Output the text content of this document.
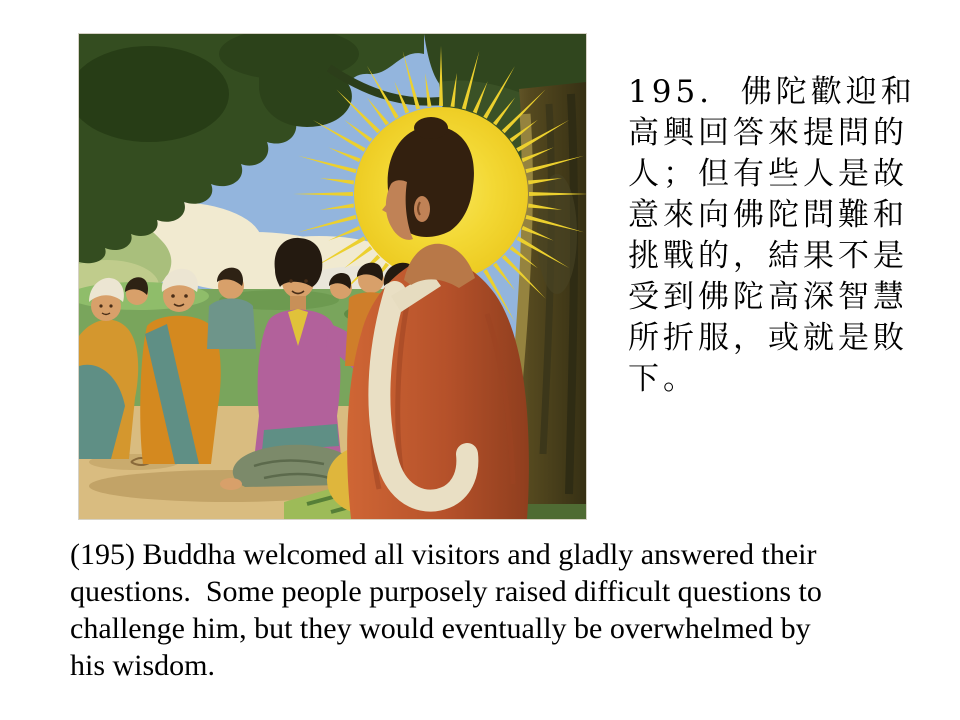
195.  佛陀歡迎和
高興回答來提問的
人；但有些人是故
意來向佛陀問難和
挑戰的，結果不是
受到佛陀高深智慧
所折服，或就是敗
下。
(195) Buddha welcomed all visitors and gladly answered their
questions.  Some people purposely raised difficult questions to
challenge him, but they would eventually be overwhelmed by
his wisdom.
